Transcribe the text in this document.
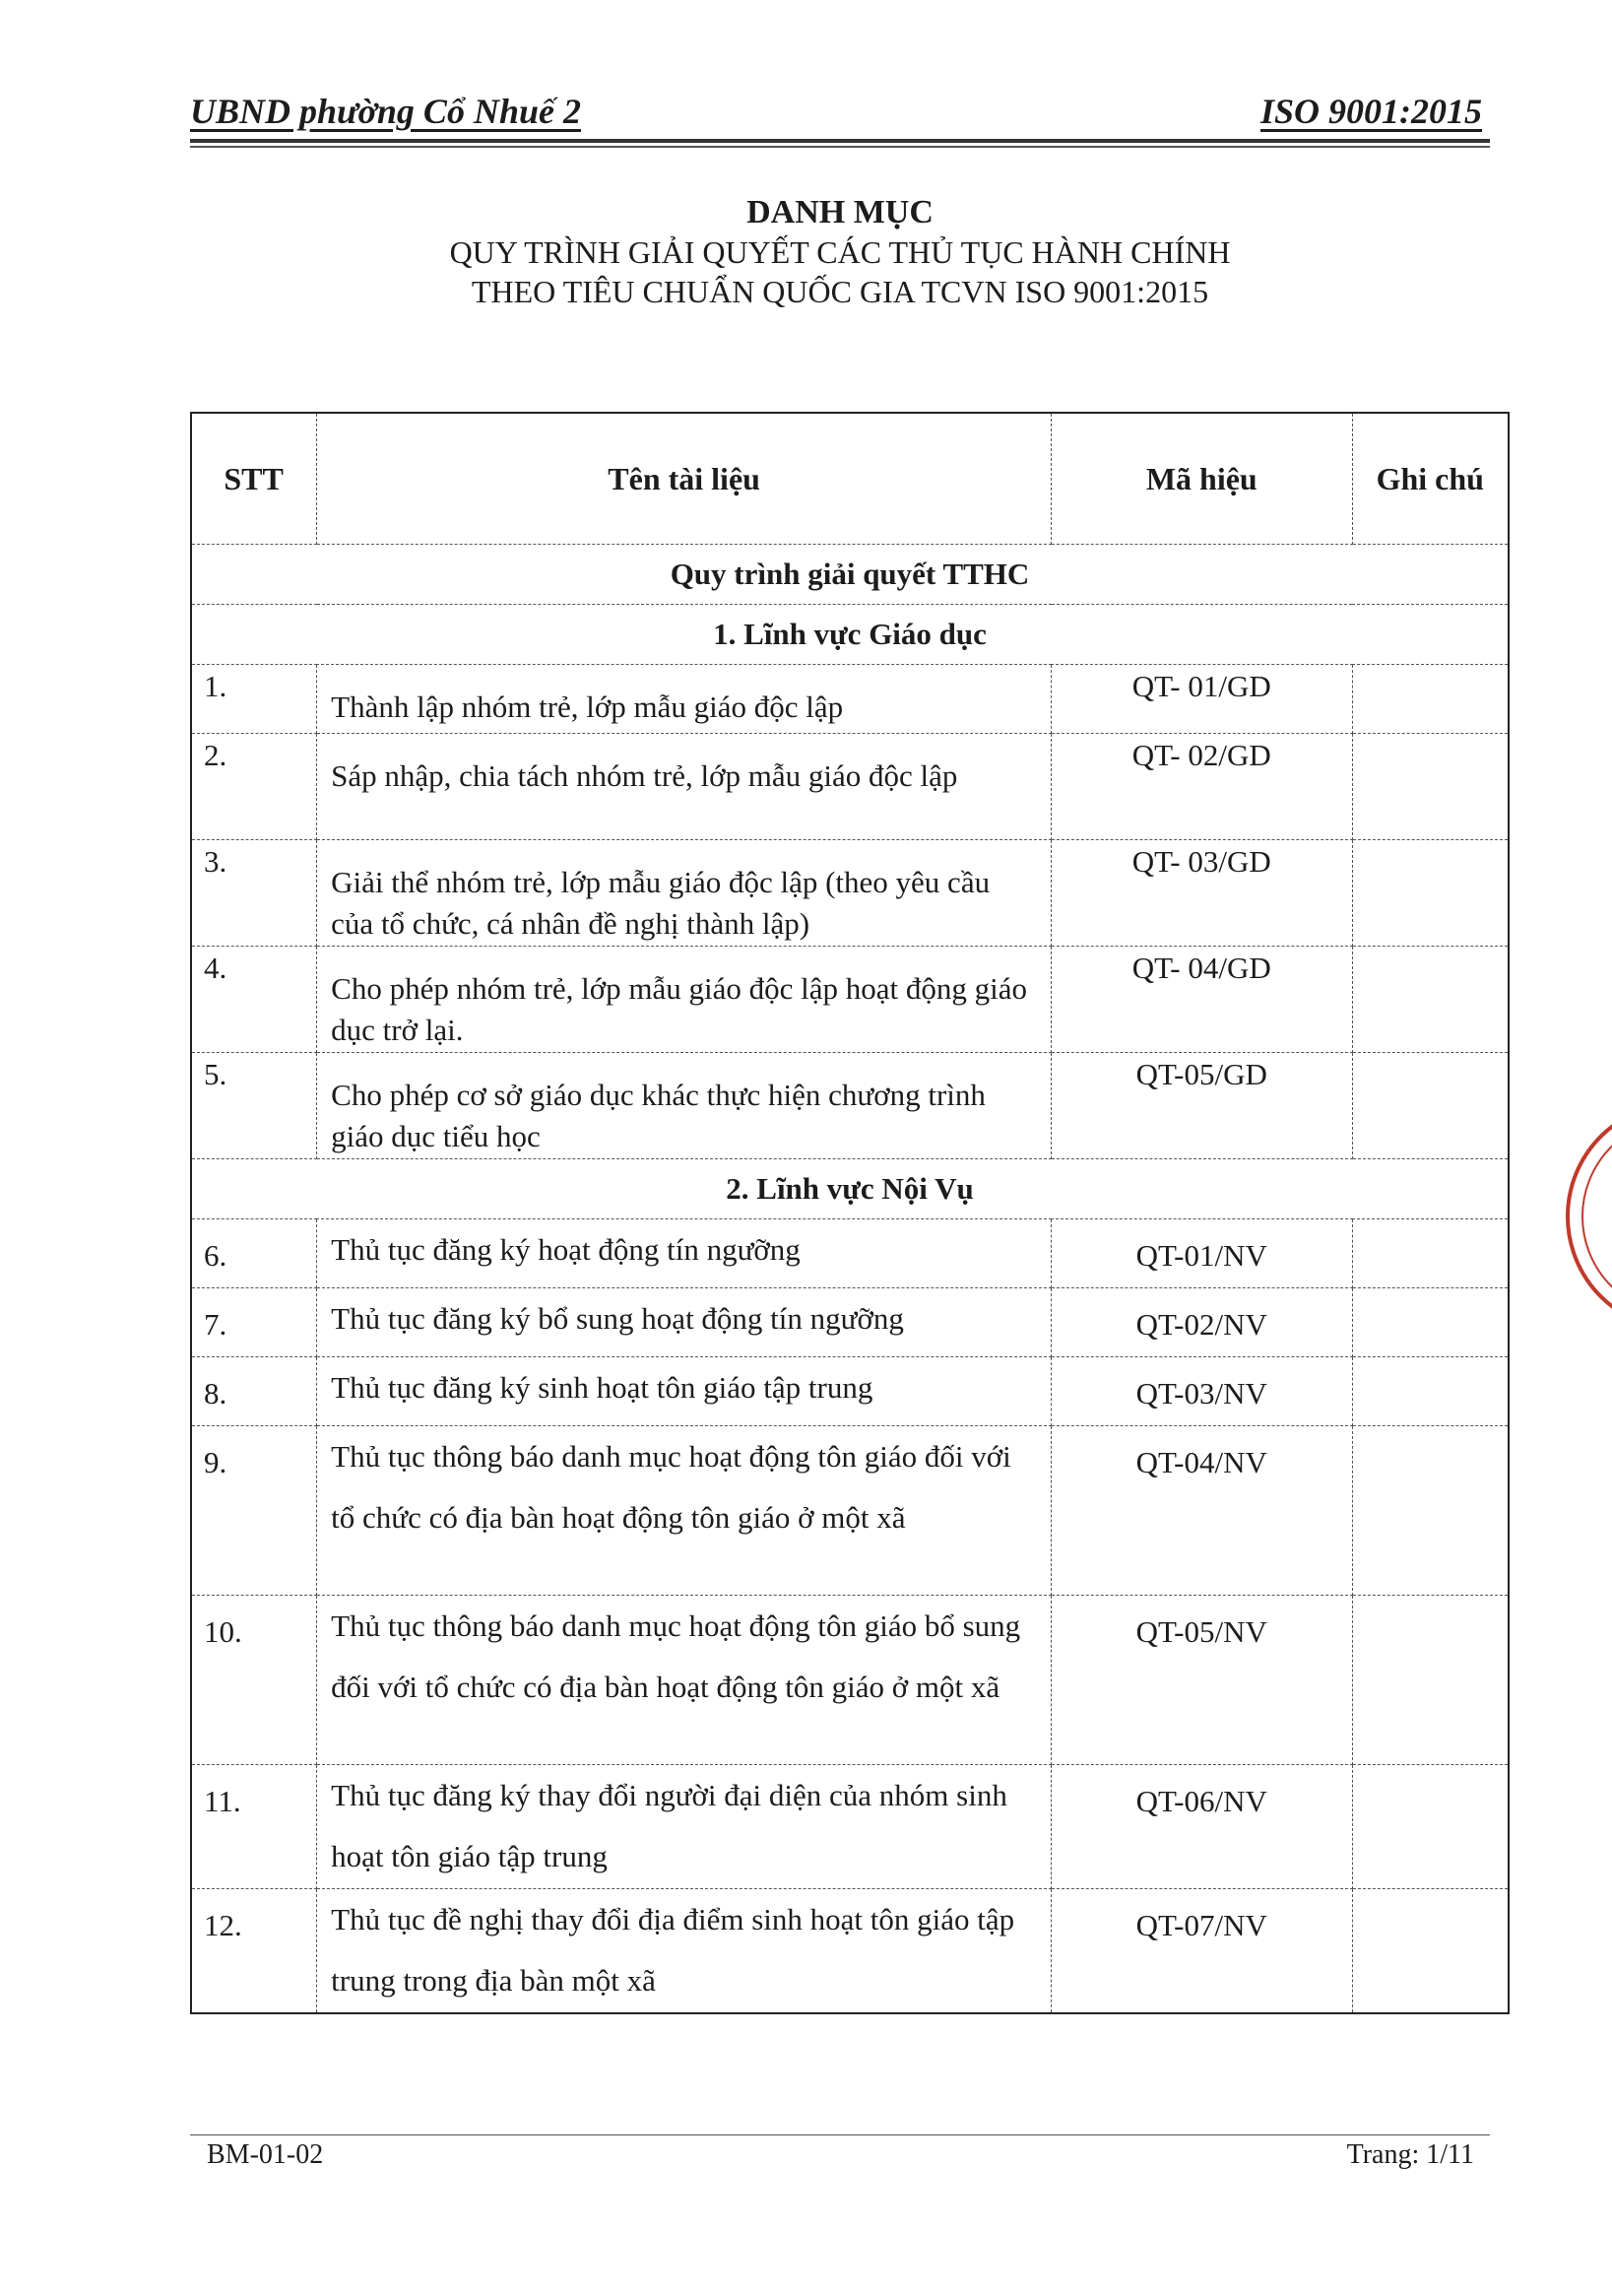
UBND phường Cổ Nhuế 2	ISO 9001:2015
DANH MỤC
QUY TRÌNH GIẢI QUYẾT CÁC THỦ TỤC HÀNH CHÍNH
THEO TIÊU CHUẨN QUỐC GIA TCVN ISO 9001:2015
STT	Tên tài liệu	Mã hiệu	Ghi chú
Quy trình giải quyết TTHC			
1. Lĩnh vực Giáo dục			
1.	Thành lập nhóm trẻ, lớp mẫu giáo độc lập	QT- 01/GD	
2.	Sáp nhập, chia tách nhóm trẻ, lớp mẫu giáo độc lập	QT- 02/GD	
3.	Giải thể nhóm trẻ, lớp mẫu giáo độc lập (theo yêu cầu của tổ chức, cá nhân đề nghị thành lập)	QT- 03/GD	
4.	Cho phép nhóm trẻ, lớp mẫu giáo độc lập hoạt động giáo dục trở lại.	QT- 04/GD	
5.	Cho phép cơ sở giáo dục khác thực hiện chương trình giáo dục tiểu học	QT-05/GD	
2. Lĩnh vực Nội Vụ			
6.	Thủ tục đăng ký hoạt động tín ngưỡng	QT-01/NV	
7.	Thủ tục đăng ký bổ sung hoạt động tín ngưỡng	QT-02/NV	
8.	Thủ tục đăng ký sinh hoạt tôn giáo tập trung	QT-03/NV	
9.	Thủ tục thông báo danh mục hoạt động tôn giáo đối với tổ chức có địa bàn hoạt động tôn giáo ở một xã	QT-04/NV	
10.	Thủ tục thông báo danh mục hoạt động tôn giáo bổ sung đối với tổ chức có địa bàn hoạt động tôn giáo ở một xã	QT-05/NV	
11.	Thủ tục đăng ký thay đổi người đại diện của nhóm sinh hoạt tôn giáo tập trung	QT-06/NV	
12.	Thủ tục đề nghị thay đổi địa điểm sinh hoạt tôn giáo tập trung trong địa bàn một xã	QT-07/NV	
BM-01-02	Trang: 1/11
